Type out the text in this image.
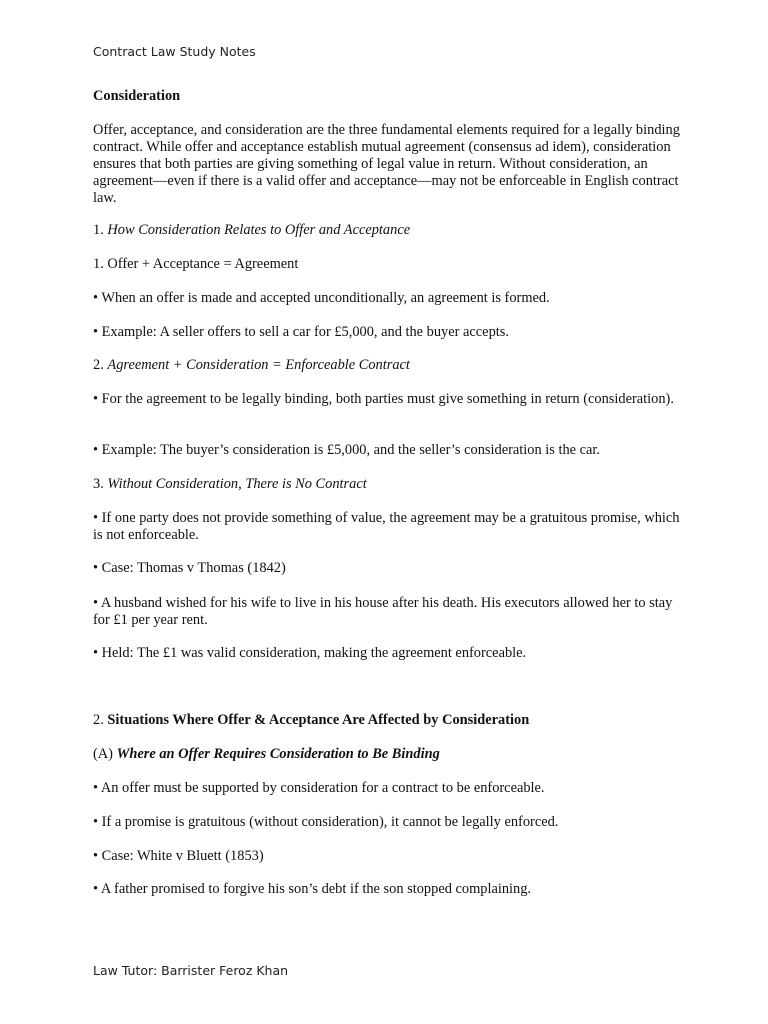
Contract Law Study Notes

Consideration

Offer, acceptance, and consideration are the three fundamental elements required for a legally binding contract. While offer and acceptance establish mutual agreement (consensus ad idem), consideration ensures that both parties are giving something of legal value in return. Without consideration, an agreement—even if there is a valid offer and acceptance—may not be enforceable in English contract law.

1. How Consideration Relates to Offer and Acceptance

1. Offer + Acceptance = Agreement

• When an offer is made and accepted unconditionally, an agreement is formed.

• Example: A seller offers to sell a car for £5,000, and the buyer accepts.

2. Agreement + Consideration = Enforceable Contract

• For the agreement to be legally binding, both parties must give something in return (consideration).

• Example: The buyer’s consideration is £5,000, and the seller’s consideration is the car.

3. Without Consideration, There is No Contract

• If one party does not provide something of value, the agreement may be a gratuitous promise, which is not enforceable.

• Case: Thomas v Thomas (1842)

• A husband wished for his wife to live in his house after his death. His executors allowed her to stay for £1 per year rent.

• Held: The £1 was valid consideration, making the agreement enforceable.

2. Situations Where Offer & Acceptance Are Affected by Consideration

(A) Where an Offer Requires Consideration to Be Binding

• An offer must be supported by consideration for a contract to be enforceable.

• If a promise is gratuitous (without consideration), it cannot be legally enforced.

• Case: White v Bluett (1853)

• A father promised to forgive his son’s debt if the son stopped complaining.

Law Tutor: Barrister Feroz Khan
